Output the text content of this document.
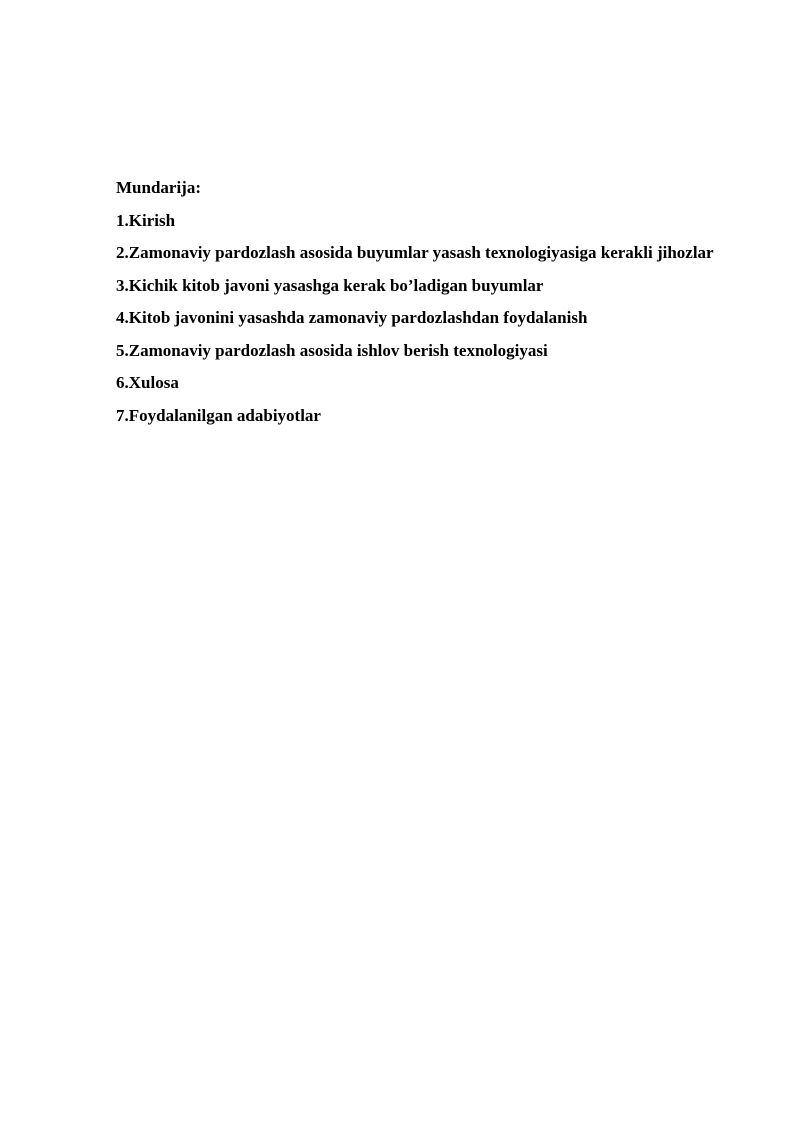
Mundarija:

1.Kirish

2.Zamonaviy pardozlash asosida buyumlar yasash texnologiyasiga kerakli jihozlar

3.Kichik kitob javoni yasashga kerak bo’ladigan buyumlar

4.Kitob javonini yasashda zamonaviy pardozlashdan foydalanish

5.Zamonaviy pardozlash asosida ishlov berish texnologiyasi

6.Xulosa

7.Foydalanilgan adabiyotlar
